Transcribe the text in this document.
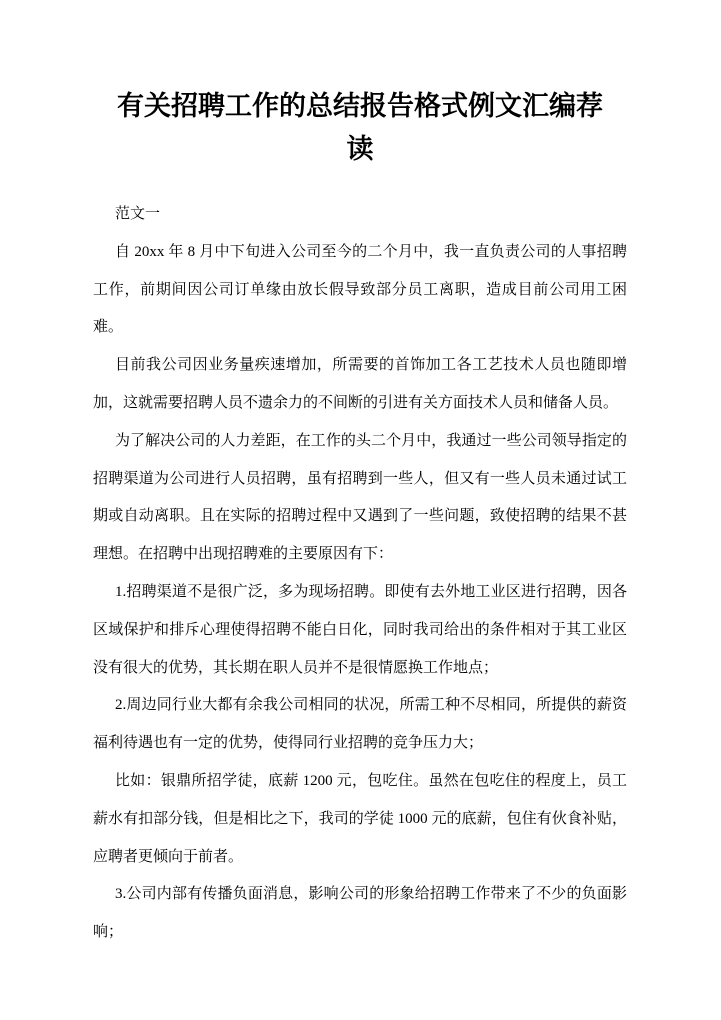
有关招聘工作的总结报告格式例文汇编荐读

范文一

自 20xx 年 8 月中下旬进入公司至今的二个月中，我一直负责公司的人事招聘工作，前期间因公司订单缘由放长假导致部分员工离职，造成目前公司用工困难。

目前我公司因业务量疾速增加，所需要的首饰加工各工艺技术人员也随即增加，这就需要招聘人员不遗余力的不间断的引进有关方面技术人员和储备人员。

为了解决公司的人力差距，在工作的头二个月中，我通过一些公司领导指定的招聘渠道为公司进行人员招聘，虽有招聘到一些人，但又有一些人员未通过试工期或自动离职。且在实际的招聘过程中又遇到了一些问题，致使招聘的结果不甚理想。在招聘中出现招聘难的主要原因有下：

1.招聘渠道不是很广泛，多为现场招聘。即使有去外地工业区进行招聘，因各区域保护和排斥心理使得招聘不能白日化，同时我司给出的条件相对于其工业区没有很大的优势，其长期在职人员并不是很情愿换工作地点；

2.周边同行业大都有余我公司相同的状况，所需工种不尽相同，所提供的薪资福利待遇也有一定的优势，使得同行业招聘的竞争压力大；

比如：银鼎所招学徒，底薪 1200 元，包吃住。虽然在包吃住的程度上，员工薪水有扣部分钱，但是相比之下，我司的学徒 1000 元的底薪，包住有伙食补贴，应聘者更倾向于前者。

3.公司内部有传播负面消息，影响公司的形象给招聘工作带来了不少的负面影响；
